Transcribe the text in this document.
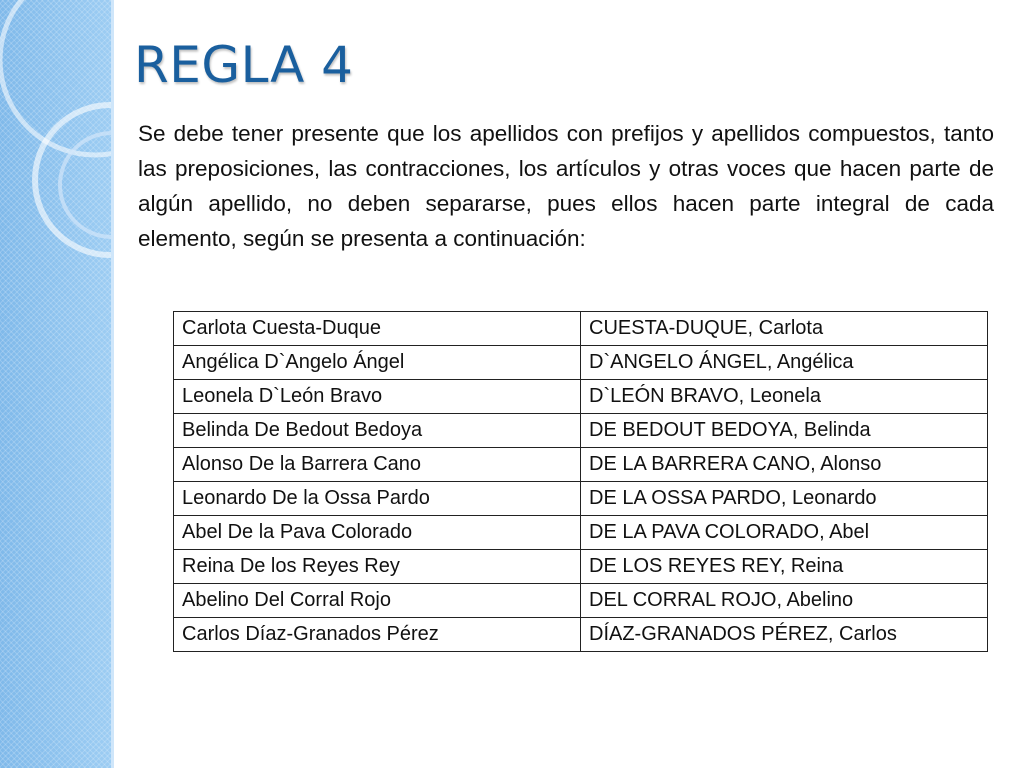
REGLA 4

Se debe tener presente que los apellidos con prefijos y apellidos compuestos, tanto las preposiciones, las contracciones, los artículos y otras voces que hacen parte de algún apellido, no deben separarse, pues ellos hacen parte integral de cada elemento, según se presenta a continuación:

Carlota Cuesta-Duque	CUESTA-DUQUE, Carlota
Angélica D`Angelo Ángel	D`ANGELO ÁNGEL, Angélica
Leonela D`León Bravo	D`LEÓN BRAVO, Leonela
Belinda De Bedout Bedoya	DE BEDOUT BEDOYA, Belinda
Alonso De la Barrera Cano	DE LA BARRERA CANO, Alonso
Leonardo De la Ossa Pardo	DE LA OSSA PARDO, Leonardo
Abel De la Pava Colorado	DE LA PAVA COLORADO, Abel
Reina De los Reyes Rey	DE LOS REYES REY, Reina
Abelino Del Corral Rojo	DEL CORRAL ROJO, Abelino
Carlos Díaz-Granados Pérez	DÍAZ-GRANADOS PÉREZ, Carlos
